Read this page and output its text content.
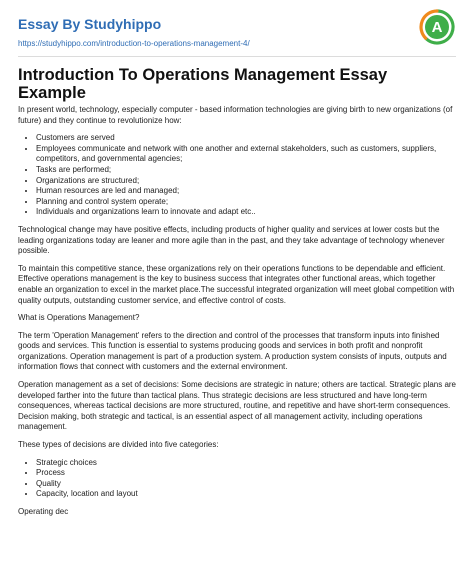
Essay By Studyhippo
https://studyhippo.com/introduction-to-operations-management-4/
A
Introduction To Operations Management Essay Example

In present world, technology, especially computer - based information technologies are giving birth to new organizations (of future) and they continue to revolutionize how:

• Customers are served
• Employees communicate and network with one another and external stakeholders, such as customers, suppliers, competitors, and governmental agencies;
• Tasks are performed;
• Organizations are structured;
• Human resources are led and managed;
• Planning and control system operate;
• Individuals and organizations learn to innovate and adapt etc..

Technological change may have positive effects, including products of higher quality and services at lower costs but the leading organizations today are leaner and more agile than in the past, and they take advantage of technology whenever possible.

To maintain this competitive stance, these organizations rely on their operations functions to be dependable and efficient. Effective operations management is the key to business success that integrates other functional areas, which together enable an organization to excel in the market place.The successful integrated organization will meet global competition with quality outputs, outstanding customer service, and effective control of costs.

What is Operations Management?

The term 'Operation Management' refers to the direction and control of the processes that transform inputs into finished goods and services. This function is essential to systems producing goods and services in both profit and nonprofit organizations. Operation management is part of a production system. A production system consists of inputs, outputs and information flows that connect with customers and the external environment.

Operation management as a set of decisions: Some decisions are strategic in nature; others are tactical. Strategic plans are developed farther into the future than tactical plans. Thus strategic decisions are less structured and have long-term consequences, whereas tactical decisions are more structured, routine, and repetitive and have short-term consequences. Decision making, both strategic and tactical, is an essential aspect of all management activity, including operations management.

These types of decisions are divided into five categories:

• Strategic choices
• Process
• Quality
• Capacity, location and layout

Operating dec
